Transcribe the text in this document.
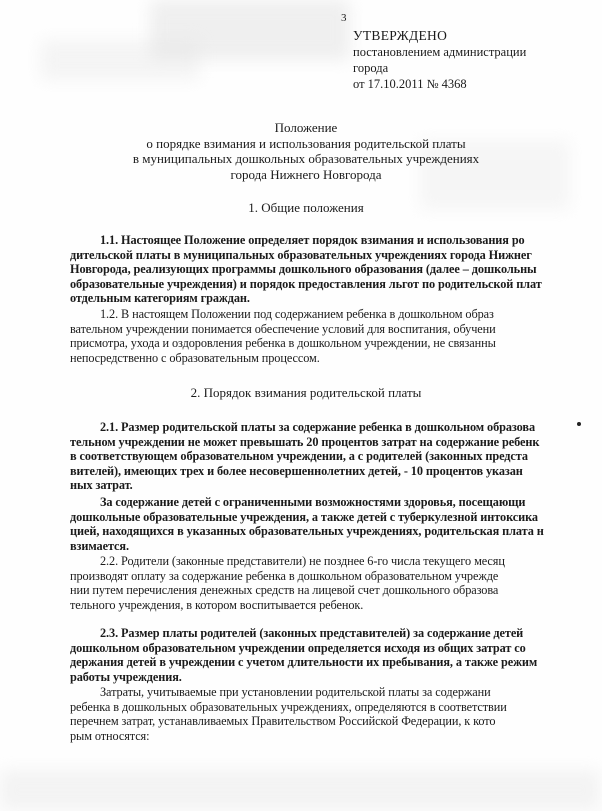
3
УТВЕРЖДЕНО
постановлением администрации
города
от 17.10.2011 № 4368
Положение
о порядке взимания и использования родительской платы
в муниципальных дошкольных образовательных учреждениях
города Нижнего Новгорода
1. Общие положения
1.1. Настоящее Положение определяет порядок взимания и использования ро
дительской платы в муниципальных образовательных учреждениях города Нижнег
Новгорода, реализующих программы дошкольного образования (далее – дошкольны
образовательные учреждения) и порядок предоставления льгот по родительской плат
отдельным категориям граждан.
1.2. В настоящем Положении под содержанием ребенка в дошкольном образ
вательном учреждении понимается обеспечение условий для воспитания, обучени
присмотра, ухода и оздоровления ребенка в дошкольном учреждении, не связанны
непосредственно с образовательным процессом.
2. Порядок взимания родительской платы
2.1. Размер родительской платы за содержание ребенка в дошкольном образова
тельном учреждении не может превышать 20 процентов затрат на содержание ребенк
в соответствующем образовательном учреждении, а с родителей (законных предста
вителей), имеющих трех и более несовершеннолетних детей, - 10 процентов указан
ных затрат.
За содержание детей с ограниченными возможностями здоровья, посещающи
дошкольные образовательные учреждения, а также детей с туберкулезной интоксика
цией, находящихся в указанных образовательных учреждениях, родительская плата н
взимается.
2.2. Родители (законные представители) не позднее 6-го числа текущего месяц
производят оплату за содержание ребенка в дошкольном образовательном учрежде
нии путем перечисления денежных средств на лицевой счет дошкольного образова
тельного учреждения, в котором воспитывается ребенок.
2.3. Размер платы родителей (законных представителей) за содержание детей
дошкольном образовательном учреждении определяется исходя из общих затрат со
держания детей в учреждении с учетом длительности их пребывания, а также режим
работы учреждения.
Затраты, учитываемые при установлении родительской платы за содержани
ребенка в дошкольных образовательных учреждениях, определяются в соответствии
перечнем затрат, устанавливаемых Правительством Российской Федерации, к кото
рым относятся:
